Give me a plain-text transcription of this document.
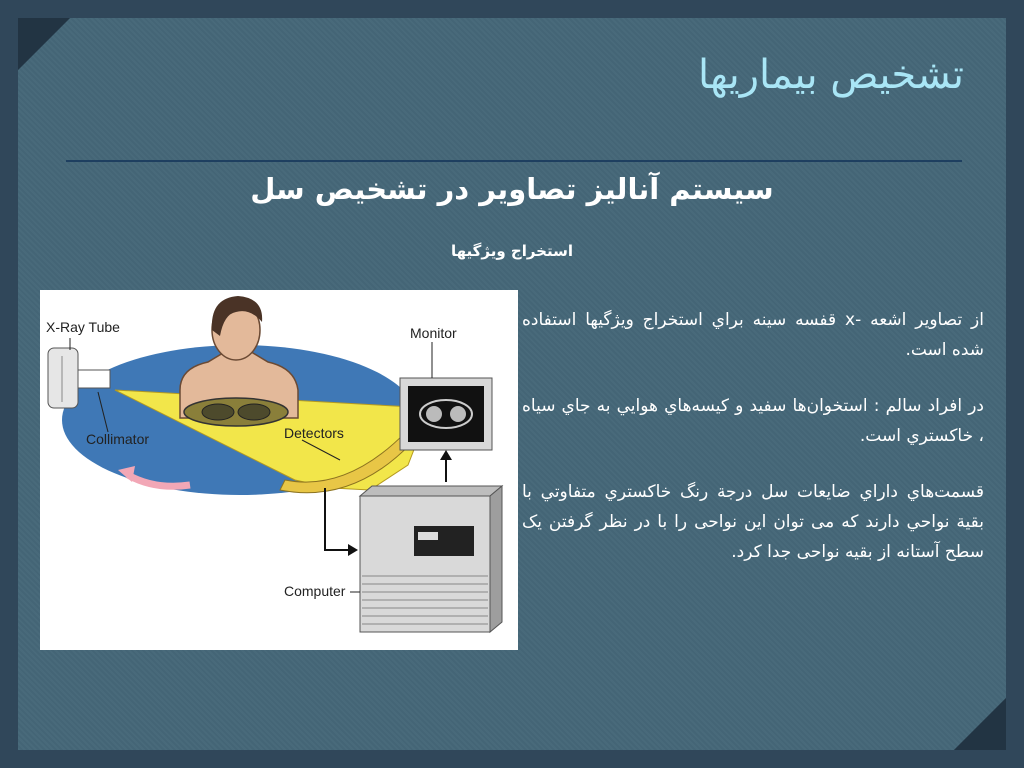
تشخيص بيماريها
سيستم آناليز تصاوير در تشخيص سل
استخراج ويژگيها
X-Ray Tube
Collimator	Detectors
Monitor
Computer

از تصاوير اشعه -x قفسه سينه براي استخراج ويژگيها استفاده شده است.

در افراد سالم : استخوان‌ها سفيد و كيسه‌هاي هوايي به جاي سياه ، خاكستري است.

قسمت‌هاي داراي ضايعات سل درجة رنگ خاكستري متفاوتي با بقية نواحي دارند كه می توان اين نواحی را با در نظر گرفتن يک سطح آستانه از بقيه نواحی جدا کرد.
